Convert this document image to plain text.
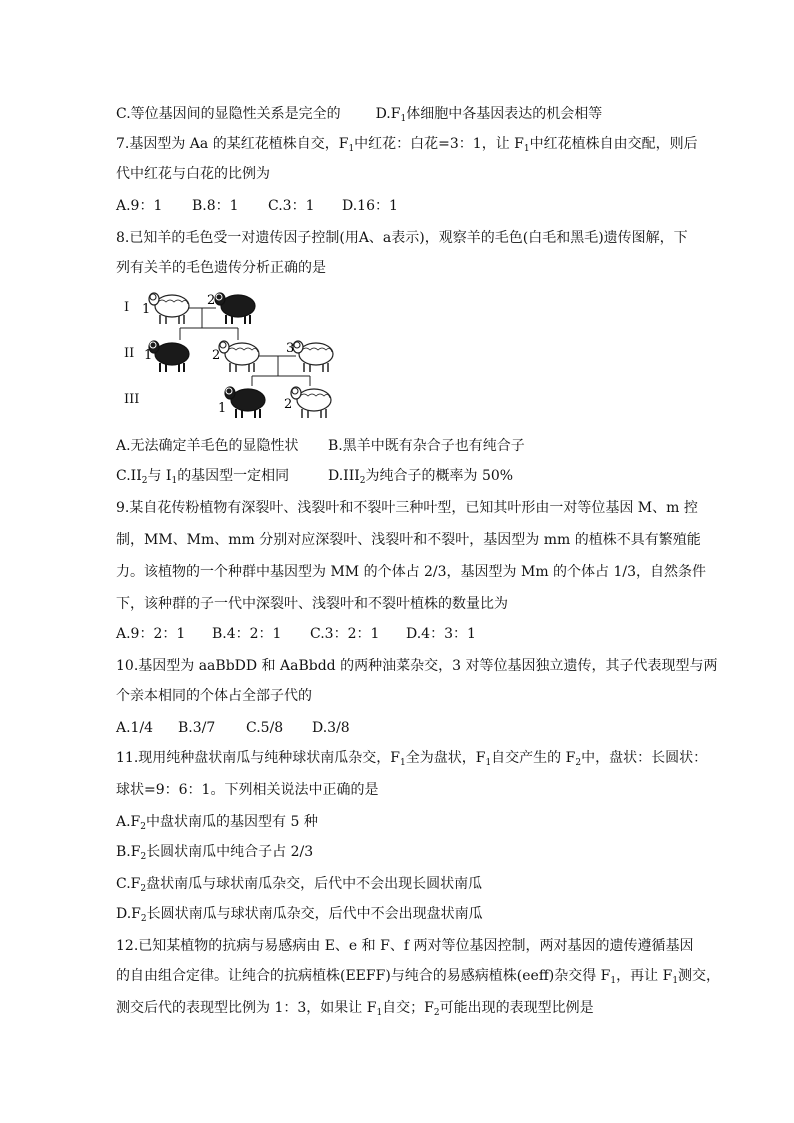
C.等位基因间的显隐性关系是完全的 $D.F_1$体细胞中各基因表达的机会相等
7.基因型为 Aa 的某红花植株自交，$F_1$中红花：白花=3：1，让 $F_1$中红花植株自由交配，则后
代中红花与白花的比例为
A.9：1 B.8：1 C.3：1 D.16：1
8.已知羊的毛色受一对遗传因子控制(用A、a表示)，观察羊的毛色(白毛和黑毛)遗传图解，下
列有关羊的毛色遗传分析正确的是
I
II
III
1
2
1	2	3
1	2
A.无法确定羊毛色的显隐性状 B.黑羊中既有杂合子也有纯合子
$C.II_2$与 $I_1$的基因型一定相同	$D.III_2$为纯合子的概率为 50%
9.某自花传粉植物有深裂叶、浅裂叶和不裂叶三种叶型，已知其叶形由一对等位基因 M、m 控
制，MM、Mm、mm 分别对应深裂叶、浅裂叶和不裂叶，基因型为 mm 的植株不具有繁殖能
力。该植物的一个种群中基因型为 MM 的个体占 2/3，基因型为 Mm 的个体占 1/3，自然条件
下，该种群的子一代中深裂叶、浅裂叶和不裂叶植株的数量比为
A.9：2：1 B.4：2：1 C.3：2：1 D.4：3：1
10.基因型为 aaBbDD 和 AaBbdd 的两种油菜杂交，3 对等位基因独立遗传，其子代表现型与两
个亲本相同的个体占全部子代的
A.1/4 B.3/7 C.5/8 D.3/8
11.现用纯种盘状南瓜与纯种球状南瓜杂交，$F_1$全为盘状，$F_1$自交产生的 $F_2$中，盘状：长圆状：
球状=9：6：1。下列相关说法中正确的是
$A.F_2$中盘状南瓜的基因型有 5 种
$B.F_2$长圆状南瓜中纯合子占 2/3
$C.F_2$盘状南瓜与球状南瓜杂交，后代中不会出现长圆状南瓜
$D.F_2$长圆状南瓜与球状南瓜杂交，后代中不会出现盘状南瓜
12.已知某植物的抗病与易感病由 E、e 和 F、f 两对等位基因控制，两对基因的遗传遵循基因
的自由组合定律。让纯合的抗病植株(EEFF)与纯合的易感病植株(eeff)杂交得 $F_1$，再让 $F_1$测交，
测交后代的表现型比例为 1：3，如果让 $F_1$自交；$F_2$可能出现的表现型比例是
